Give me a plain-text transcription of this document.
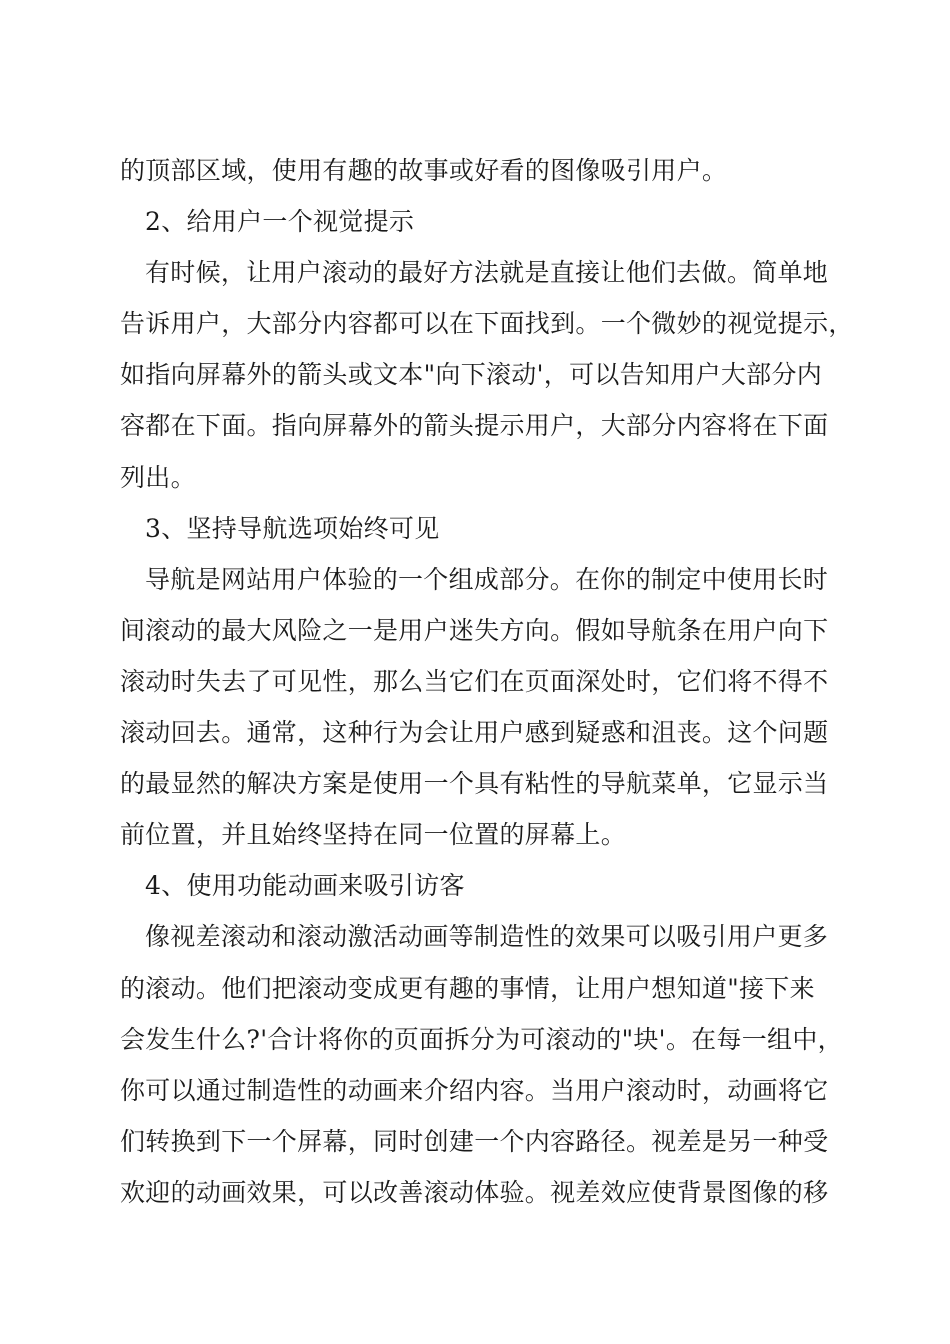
的顶部区域，使用有趣的故事或好看的图像吸引用户。
2、给用户一个视觉提示
有时候，让用户滚动的最好方法就是直接让他们去做。简单地
告诉用户，大部分内容都可以在下面找到。一个微妙的视觉提示，
如指向屏幕外的箭头或文本"向下滚动'，可以告知用户大部分内
容都在下面。指向屏幕外的箭头提示用户，大部分内容将在下面
列出。
3、坚持导航选项始终可见
导航是网站用户体验的一个组成部分。在你的制定中使用长时
间滚动的最大风险之一是用户迷失方向。假如导航条在用户向下
滚动时失去了可见性，那么当它们在页面深处时，它们将不得不
滚动回去。通常，这种行为会让用户感到疑惑和沮丧。这个问题
的最显然的解决方案是使用一个具有粘性的导航菜单，它显示当
前位置，并且始终坚持在同一位置的屏幕上。
4、使用功能动画来吸引访客
像视差滚动和滚动激活动画等制造性的效果可以吸引用户更多
的滚动。他们把滚动变成更有趣的事情，让用户想知道"接下来
会发生什么?'合计将你的页面拆分为可滚动的"块'。在每一组中，
你可以通过制造性的动画来介绍内容。当用户滚动时，动画将它
们转换到下一个屏幕，同时创建一个内容路径。视差是另一种受
欢迎的动画效果，可以改善滚动体验。视差效应使背景图像的移
